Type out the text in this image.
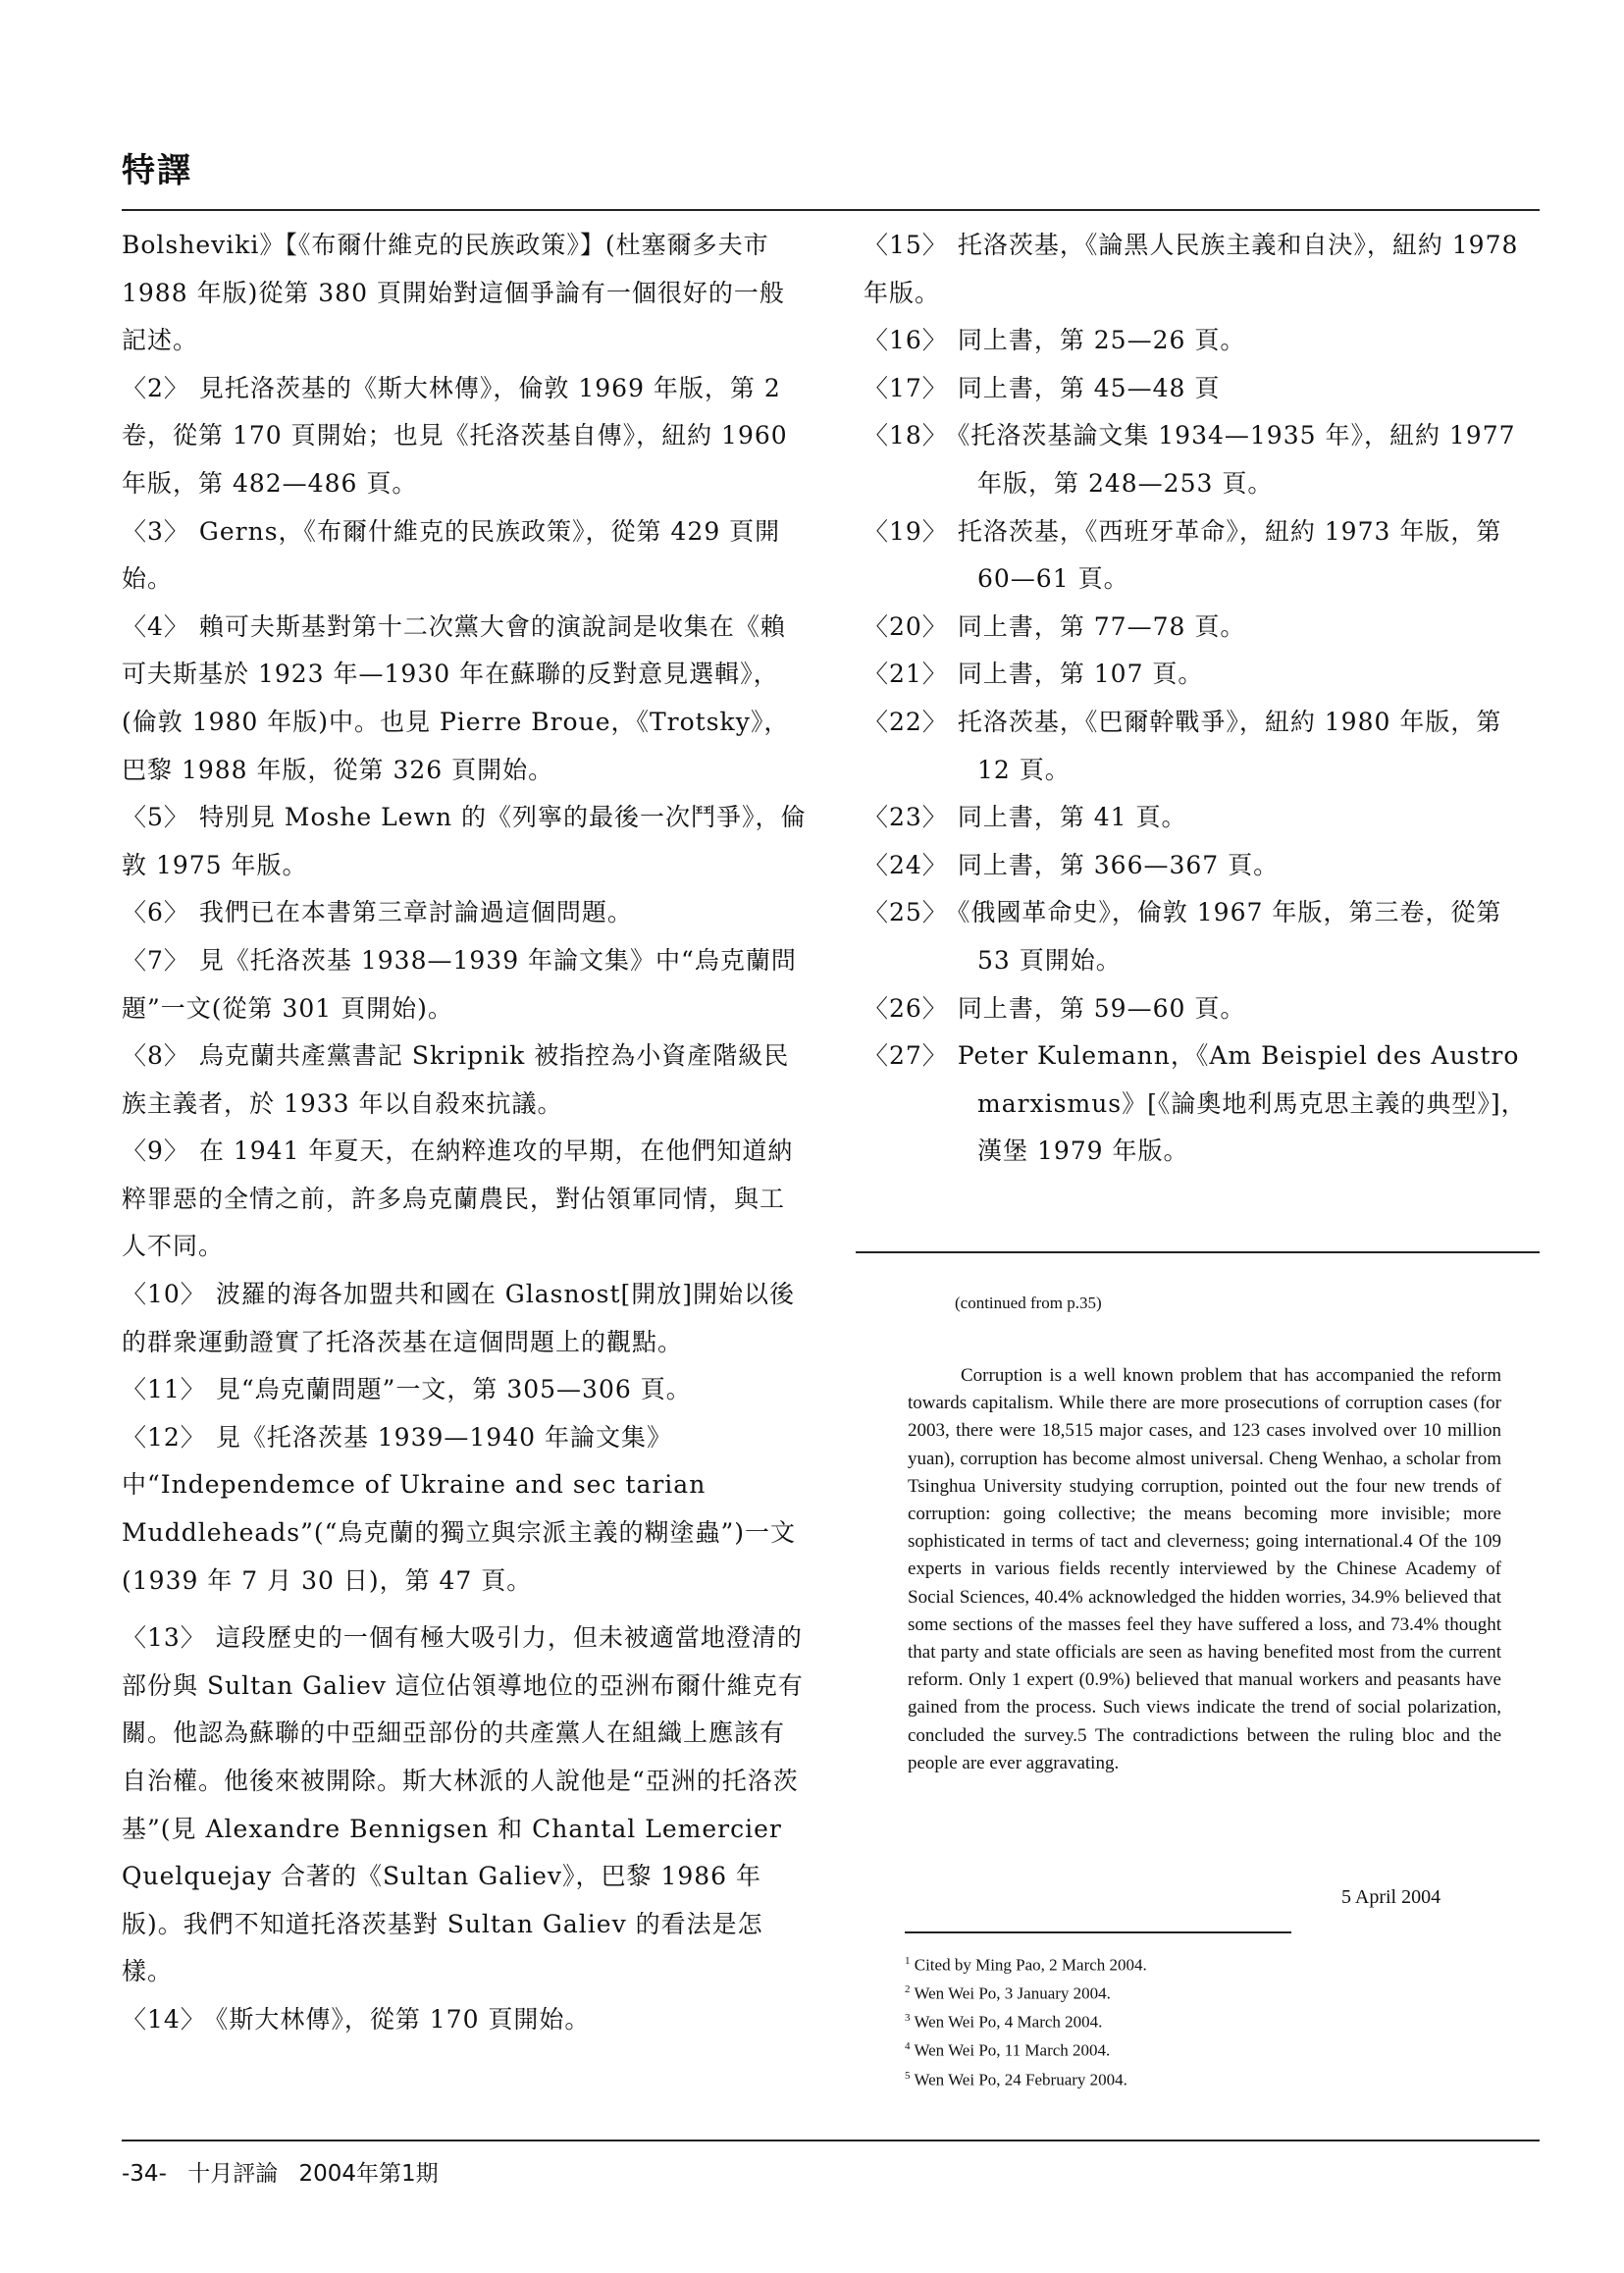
特譯

Bolsheviki》【《布爾什維克的民族政策》】(杜塞爾多夫市 1988 年版)從第 380 頁開始對這個爭論有一個很好的一般記述。

〈2〉 見托洛茨基的《斯大林傳》，倫敦 1969 年版，第 2 卷，從第 170 頁開始；也見《托洛茨基自傳》，紐約 1960 年版，第 482—486 頁。

〈3〉 Gerns，《布爾什維克的民族政策》，從第 429 頁開始。

〈4〉 賴可夫斯基對第十二次黨大會的演說詞是收集在《賴可夫斯基於 1923 年—1930 年在蘇聯的反對意見選輯》，(倫敦 1980 年版)中。也見 Pierre Broue，《Trotsky》，巴黎 1988 年版，從第 326 頁開始。

〈5〉 特別見 Moshe Lewn 的《列寧的最後一次鬥爭》，倫敦 1975 年版。

〈6〉 我們已在本書第三章討論過這個問題。

〈7〉 見《托洛茨基 1938—1939 年論文集》中“烏克蘭問題”一文(從第 301 頁開始)。

〈8〉 烏克蘭共產黨書記 Skripnik 被指控為小資產階級民族主義者，於 1933 年以自殺來抗議。

〈9〉 在 1941 年夏天，在納粹進攻的早期，在他們知道納粹罪惡的全情之前，許多烏克蘭農民，對佔領軍同情，與工人不同。

〈10〉 波羅的海各加盟共和國在 Glasnost[開放]開始以後的群衆運動證實了托洛茨基在這個問題上的觀點。

〈11〉 見“烏克蘭問題”一文，第 305—306 頁。

〈12〉 見《托洛茨基 1939—1940 年論文集》中“Independemce of Ukraine and sec tarian Muddleheads”(“烏克蘭的獨立與宗派主義的糊塗蟲”)一文(1939 年 7 月 30 日)，第 47 頁。

〈13〉 這段歷史的一個有極大吸引力，但未被適當地澄清的部份與 Sultan Galiev 這位佔領導地位的亞洲布爾什維克有關。他認為蘇聯的中亞細亞部份的共產黨人在組織上應該有自治權。他後來被開除。斯大林派的人說他是“亞洲的托洛茨基”(見 Alexandre Bennigsen 和 Chantal Lemercier Quelquejay 合著的《Sultan Galiev》，巴黎 1986 年版)。我們不知道托洛茨基對 Sultan Galiev 的看法是怎樣。

〈14〉 《斯大林傳》，從第 170 頁開始。

〈15〉 托洛茨基，《論黑人民族主義和自決》，紐約 1978 年版。

〈16〉 同上書，第 25—26 頁。

〈17〉 同上書，第 45—48 頁

〈18〉 《托洛茨基論文集 1934—1935 年》，紐約 1977 年版，第 248—253 頁。

〈19〉 托洛茨基，《西班牙革命》，紐約 1973 年版，第 60—61 頁。

〈20〉 同上書，第 77—78 頁。

〈21〉 同上書，第 107 頁。

〈22〉 托洛茨基，《巴爾幹戰爭》，紐約 1980 年版，第 12 頁。

〈23〉 同上書，第 41 頁。

〈24〉 同上書，第 366—367 頁。

〈25〉 《俄國革命史》，倫敦 1967 年版，第三卷，從第 53 頁開始。

〈26〉 同上書，第 59—60 頁。

〈27〉 Peter Kulemann，《Am Beispiel des Austro marxismus》[《論奧地利馬克思主義的典型》]，漢堡 1979 年版。

(continued from p.35)

Corruption is a well known problem that has accompanied the reform towards capitalism. While there are more prosecutions of corruption cases (for 2003, there were 18,515 major cases, and 123 cases involved over 10 million yuan), corruption has become almost universal. Cheng Wenhao, a scholar from Tsinghua University studying corruption, pointed out the four new trends of corruption: going collective; the means becoming more invisible; more sophisticated in terms of tact and cleverness; going international.4 Of the 109 experts in various fields recently interviewed by the Chinese Academy of Social Sciences, 40.4% acknowledged the hidden worries, 34.9% believed that some sections of the masses feel they have suffered a loss, and 73.4% thought that party and state officials are seen as having benefited most from the current reform. Only 1 expert (0.9%) believed that manual workers and peasants have gained from the process. Such views indicate the trend of social polarization, concluded the survey.5 The contradictions between the ruling bloc and the people are ever aggravating.

5 April 2004
$^1$ Cited by Ming Pao, 2 March 2004.
$^2$ Wen Wei Po, 3 January 2004.
$^3$ Wen Wei Po, 4 March 2004.
$^4$ Wen Wei Po, 11 March 2004.
$^5$ Wen Wei Po, 24 February 2004.
-34- 十月評論 2004年第1期
